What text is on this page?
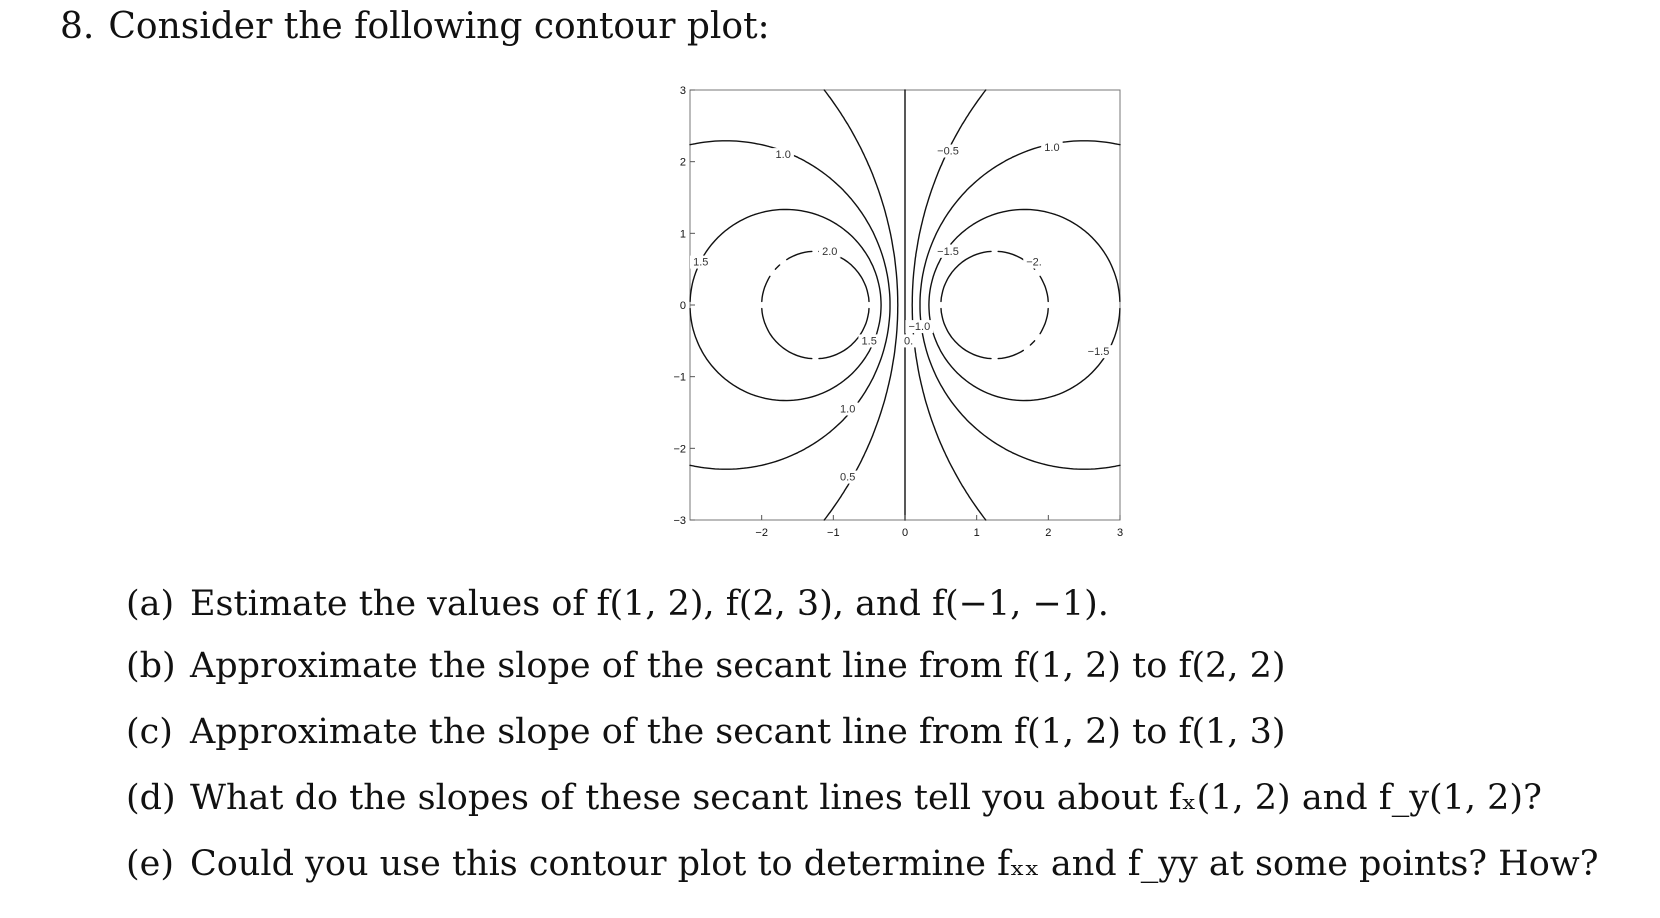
8. Consider the following contour plot:
−2	−1	0	1	2	3
3
2
1
0
−1
−2
−3
1.0
2.0
1.5
1.5
1.0
0.5
0.
−0.5
−1.5
−1.0
−2.
1.0
−1.5
(a) Estimate the values of f(1, 2), f(2, 3), and f(−1, −1).
(b) Approximate the slope of the secant line from f(1, 2) to f(2, 2)
(c) Approximate the slope of the secant line from f(1, 2) to f(1, 3)
(d) What do the slopes of these secant lines tell you about fₓ(1, 2) and f_y(1, 2)?
(e) Could you use this contour plot to determine fₓₓ and f_yy at some points? How?
